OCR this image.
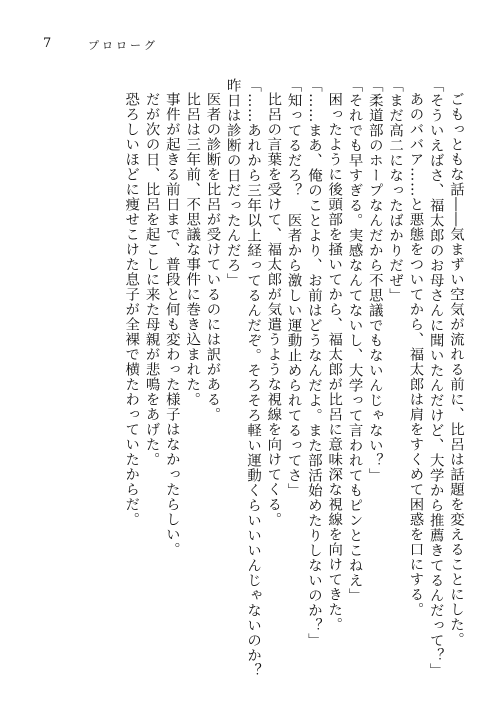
7	プロローグ

ごもっともな話――気まずい空気が流れる前に、比呂は話題を変えることにした。

「そういえばさ、福太郎のお母さんに聞いたんだけど、大学から推薦きてるんだって？」

あのババア……と悪態をついてから、福太郎は肩をすくめて困惑を口にする。

「まだ高二になったばかりだぜ」

「柔道部のホープなんだから不思議でもないんじゃない？」

「それでも早すぎる。実感なんてないし、大学って言われてもピンとこねえ」

困ったように後頭部を掻いてから、福太郎が比呂に意味深な視線を向けてきた。

「……まあ、俺のことより、お前はどうなんだよ。また部活始めたりしないのか？」

「知ってるだろ？　医者から激しい運動止められてるってさ」

比呂の言葉を受けて、福太郎が気遣うような視線を向けてくる。

「……あれから三年以上経ってるんだぞ。そろそろ軽い運動くらいいいんじゃないのか？

昨日は診断の日だったんだろ」

医者の診断を比呂が受けているのには訳がある。

比呂は三年前、不思議な事件に巻き込まれた。

事件が起きる前日まで、普段と何も変わった様子はなかったらしい。

だが次の日、比呂を起こしに来た母親が悲鳴をあげた。

恐ろしいほどに痩せこけた息子が全裸で横たわっていたからだ。
